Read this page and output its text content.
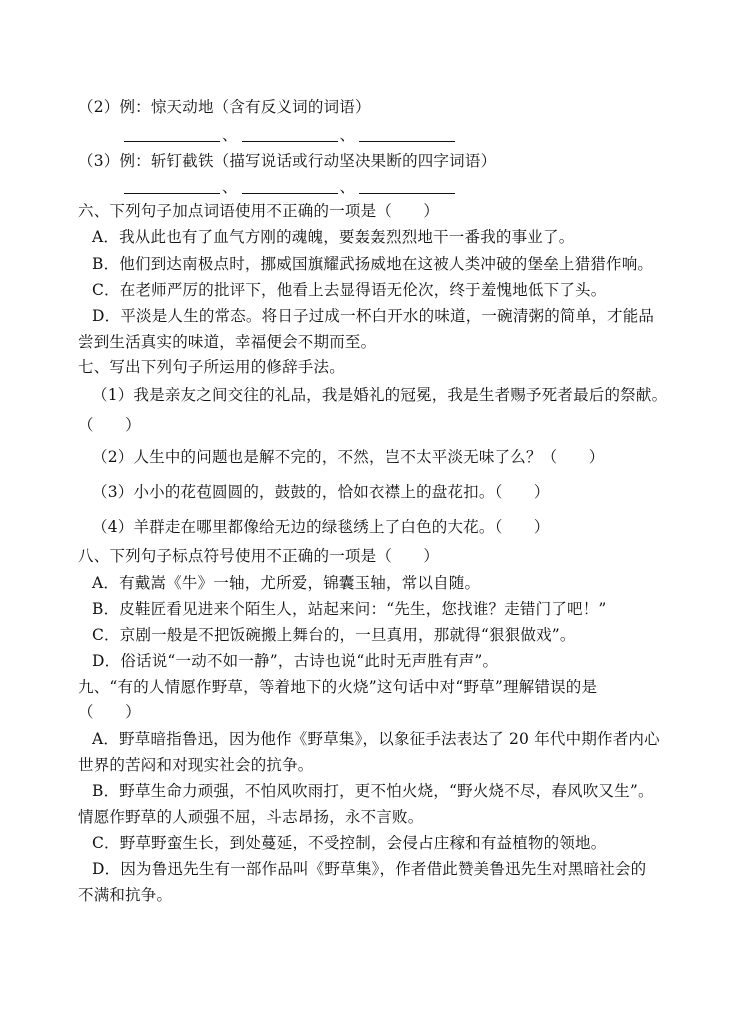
（2）例：惊天动地（含有反义词的词语）
、	、
（3）例：斩钉截铁（描写说话或行动坚决果断的四字词语）
、	、
六、下列句子加点词语使用不正确的一项是（　　）
A．我从此也有了血气方刚的魂魄，要轰轰烈烈地干一番我的事业了。
B．他们到达南极点时，挪威国旗耀武扬威地在这被人类冲破的堡垒上猎猎作响。
C．在老师严厉的批评下，他看上去显得语无伦次，终于羞愧地低下了头。
D．平淡是人生的常态。将日子过成一杯白开水的味道，一碗清粥的简单，才能品
尝到生活真实的味道，幸福便会不期而至。
七、写出下列句子所运用的修辞手法。
（1）我是亲友之间交往的礼品，我是婚礼的冠冕，我是生者赐予死者最后的祭献。
（　　）
（2）人生中的问题也是解不完的，不然，岂不太平淡无味了么？（　　）
（3）小小的花苞圆圆的，鼓鼓的，恰如衣襟上的盘花扣。（　　）
（4）羊群走在哪里都像给无边的绿毯绣上了白色的大花。（　　）
八、下列句子标点符号使用不正确的一项是（　　）
A．有戴嵩《牛》一轴，尤所爱，锦囊玉轴，常以自随。
B．皮鞋匠看见进来个陌生人，站起来问：“先生，您找谁？走错门了吧！”
C．京剧一般是不把饭碗搬上舞台的，一旦真用，那就得“狠狠做戏”。
D．俗话说“一动不如一静”，古诗也说“此时无声胜有声”。
九、“有的人情愿作野草，等着地下的火烧”这句话中对“野草”理解错误的是
（　　）
A．野草暗指鲁迅，因为他作《野草集》，以象征手法表达了 20 年代中期作者内心
世界的苦闷和对现实社会的抗争。
B．野草生命力顽强，不怕风吹雨打，更不怕火烧，“野火烧不尽，春风吹又生”。
情愿作野草的人顽强不屈，斗志昂扬，永不言败。
C．野草野蛮生长，到处蔓延，不受控制，会侵占庄稼和有益植物的领地。
D．因为鲁迅先生有一部作品叫《野草集》，作者借此赞美鲁迅先生对黑暗社会的
不满和抗争。
